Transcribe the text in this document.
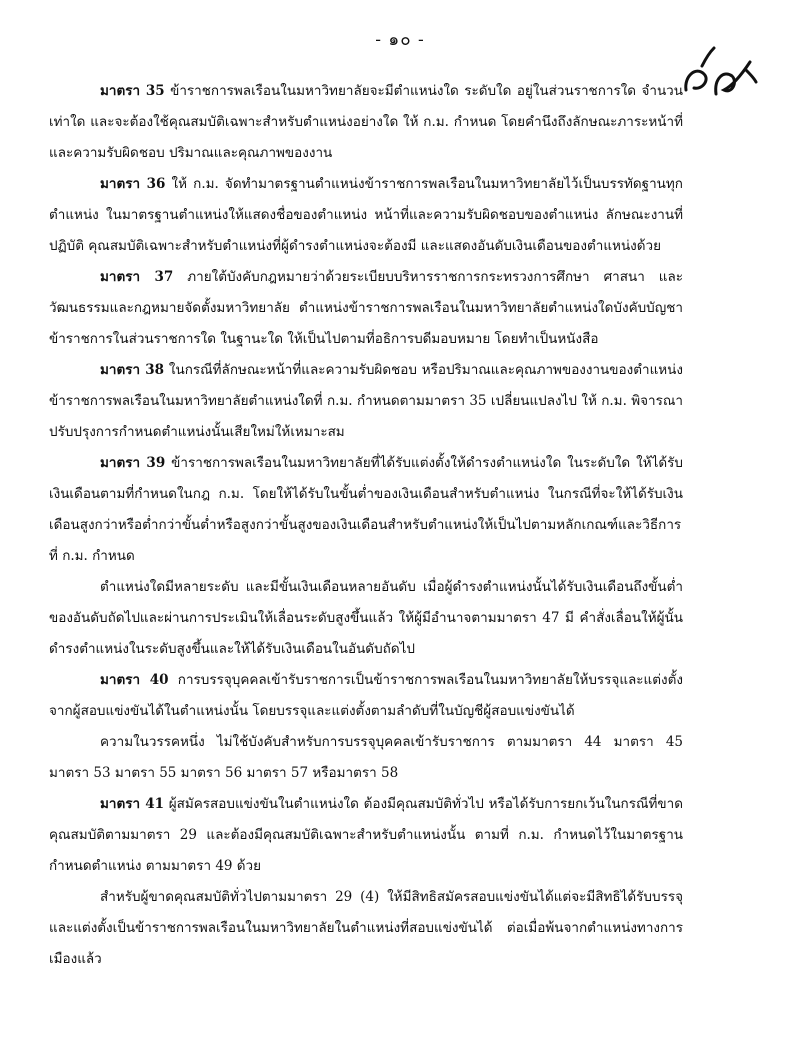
- ๑๐ -

มาตรา 35 ข้าราชการพลเรือนในมหาวิทยาลัยจะมีตำแหน่งใด ระดับใด อยู่ในส่วนราชการใด จำนวนเท่าใด และจะต้องใช้คุณสมบัติเฉพาะสำหรับตำแหน่งอย่างใด ให้ ก.ม. กำหนด โดยคำนึงถึงลักษณะภาระหน้าที่และความรับผิดชอบ ปริมาณและคุณภาพของงาน

มาตรา 36 ให้ ก.ม. จัดทำมาตรฐานตำแหน่งข้าราชการพลเรือนในมหาวิทยาลัยไว้เป็นบรรทัดฐานทุกตำแหน่ง ในมาตรฐานตำแหน่งให้แสดงชื่อของตำแหน่ง หน้าที่และความรับผิดชอบของตำแหน่ง ลักษณะงานที่ปฏิบัติ คุณสมบัติเฉพาะสำหรับตำแหน่งที่ผู้ดำรงตำแหน่งจะต้องมี และแสดงอันดับเงินเดือนของตำแหน่งด้วย

มาตรา 37 ภายใต้บังคับกฎหมายว่าด้วยระเบียบบริหารราชการกระทรวงการศึกษา ศาสนา และวัฒนธรรมและกฎหมายจัดตั้งมหาวิทยาลัย ตำแหน่งข้าราชการพลเรือนในมหาวิทยาลัยตำแหน่งใดบังคับบัญชาข้าราชการในส่วนราชการใด ในฐานะใด ให้เป็นไปตามที่อธิการบดีมอบหมาย โดยทำเป็นหนังสือ

มาตรา 38 ในกรณีที่ลักษณะหน้าที่และความรับผิดชอบ หรือปริมาณและคุณภาพของงานของตำแหน่งข้าราชการพลเรือนในมหาวิทยาลัยตำแหน่งใดที่ ก.ม. กำหนดตามมาตรา 35 เปลี่ยนแปลงไป ให้ ก.ม. พิจารณาปรับปรุงการกำหนดตำแหน่งนั้นเสียใหม่ให้เหมาะสม

มาตรา 39 ข้าราชการพลเรือนในมหาวิทยาลัยที่ได้รับแต่งตั้งให้ดำรงตำแหน่งใด ในระดับใด ให้ได้รับเงินเดือนตามที่กำหนดในกฎ ก.ม. โดยให้ได้รับในขั้นต่ำของเงินเดือนสำหรับตำแหน่ง ในกรณีที่จะให้ได้รับเงินเดือนสูงกว่าหรือต่ำกว่าขั้นต่ำหรือสูงกว่าขั้นสูงของเงินเดือนสำหรับตำแหน่งให้เป็นไปตามหลักเกณฑ์และวิธีการที่ ก.ม. กำหนด

ตำแหน่งใดมีหลายระดับ และมีขั้นเงินเดือนหลายอันดับ เมื่อผู้ดำรงตำแหน่งนั้นได้รับเงินเดือนถึงขั้นต่ำของอันดับถัดไปและผ่านการประเมินให้เลื่อนระดับสูงขึ้นแล้ว ให้ผู้มีอำนาจตามมาตรา 47 มี คำสั่งเลื่อนให้ผู้นั้นดำรงตำแหน่งในระดับสูงขึ้นและให้ได้รับเงินเดือนในอันดับถัดไป

มาตรา 40 การบรรจุบุคคลเข้ารับราชการเป็นข้าราชการพลเรือนในมหาวิทยาลัยให้บรรจุและแต่งตั้งจากผู้สอบแข่งขันได้ในตำแหน่งนั้น โดยบรรจุและแต่งตั้งตามลำดับที่ในบัญชีผู้สอบแข่งขันได้

ความในวรรคหนึ่ง ไม่ใช้บังคับสำหรับการบรรจุบุคคลเข้ารับราชการ ตามมาตรา 44 มาตรา 45 มาตรา 53 มาตรา 55 มาตรา 56 มาตรา 57 หรือมาตรา 58

มาตรา 41 ผู้สมัครสอบแข่งขันในตำแหน่งใด ต้องมีคุณสมบัติทั่วไป หรือได้รับการยกเว้นในกรณีที่ขาดคุณสมบัติตามมาตรา 29 และต้องมีคุณสมบัติเฉพาะสำหรับตำแหน่งนั้น ตามที่ ก.ม. กำหนดไว้ในมาตรฐานกำหนดตำแหน่ง ตามมาตรา 49 ด้วย

สำหรับผู้ขาดคุณสมบัติทั่วไปตามมาตรา 29 (4) ให้มีสิทธิสมัครสอบแข่งขันได้แต่จะมีสิทธิได้รับบรรจุและแต่งตั้งเป็นข้าราชการพลเรือนในมหาวิทยาลัยในตำแหน่งที่สอบแข่งขันได้ ต่อเมื่อพ้นจากตำแหน่งทางการเมืองแล้ว
